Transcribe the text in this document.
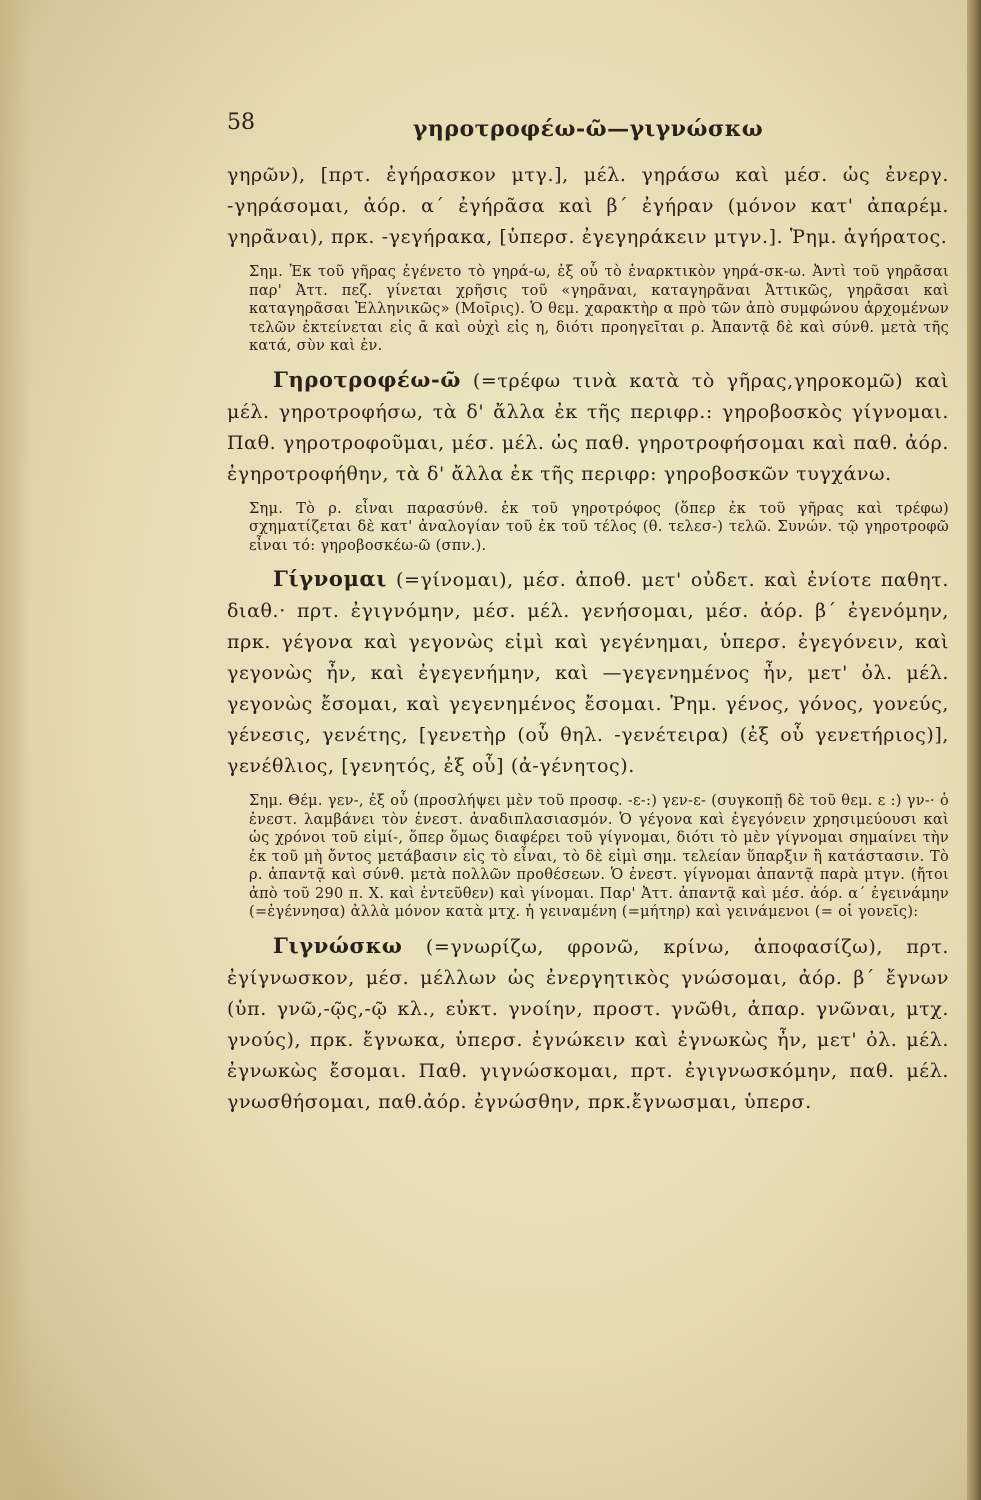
58	γηροτροφέω-ῶ—γιγνώσκω

γηρῶν), [πρτ. ἐγήρασκον μτγ.], μέλ. γηράσω καὶ μέσ. ὡς ἐνεργ. -γηράσομαι, ἀόρ. α΄ ἐγήρᾶσα καὶ β΄ ἐγήραν (μόνον κατ' ἀπαρέμ. γηρᾶναι), πρκ. -γεγήρακα, [ὑπερσ. ἐγεγηράκειν μτγν.]. Ῥημ. ἀγήρατος.

Σημ. Ἐκ τοῦ γῆρας ἐγένετο τὸ γηρά-ω, ἐξ οὗ τὸ ἐναρκτικὸν γηρά-σκ-ω. Ἀντὶ τοῦ γηρᾶσαι παρ' Ἀττ. πεζ. γίνεται χρῆσις τοῦ «γηρᾶναι, καταγηρᾶναι Ἀττικῶς, γηρᾶσαι καὶ καταγηρᾶσαι Ἑλληνικῶς» (Μοῖρις). Ὁ θεμ. χαρακτὴρ α πρὸ τῶν ἀπὸ συμφώνου ἀρχομένων τελῶν ἐκτείνεται εἰς ᾱ καὶ οὐχὶ εἰς η, διότι προηγεῖται ρ. Ἀπαντᾷ δὲ καὶ σύνθ. μετὰ τῆς κατά, σὺν καὶ ἐν.

Γηροτροφέω-ῶ (=τρέφω τινὰ κατὰ τὸ γῆρας,γηροκομῶ) καὶ μέλ. γηροτροφήσω, τὰ δ' ἄλλα ἐκ τῆς περιφρ.: γηροβοσκὸς γίγνομαι. Παθ. γηροτροφοῦμαι, μέσ. μέλ. ὡς παθ. γηροτροφήσομαι καὶ παθ. ἀόρ. ἐγηροτροφήθην, τὰ δ' ἄλλα ἐκ τῆς περιφρ: γηροβοσκῶν τυγχάνω.

Σημ. Τὸ ρ. εἶναι παρασύνθ. ἐκ τοῦ γηροτρόφος (ὅπερ ἐκ τοῦ γῆρας καὶ τρέφω) σχηματίζεται δὲ κατ' ἀναλογίαν τοῦ ἐκ τοῦ τέλος (θ. τελεσ-) τελῶ. Συνών. τῷ γηροτροφῶ εἶναι τό: γηροβοσκέω-ῶ (σπν.).

Γίγνομαι (=γίνομαι), μέσ. ἀποθ. μετ' οὐδετ. καὶ ἐνίοτε παθητ. διαθ.· πρτ. ἐγιγνόμην, μέσ. μέλ. γενήσομαι, μέσ. ἀόρ. β΄ ἐγενόμην, πρκ. γέγονα καὶ γεγονὼς εἰμὶ καὶ γεγένημαι, ὑπερσ. ἐγεγόνειν, καὶ γεγονὼς ἦν, καὶ ἐγεγενήμην, καὶ —γεγενημένος ἦν, μετ' ὀλ. μέλ. γεγονὼς ἔσομαι, καὶ γεγενημένος ἔσομαι. Ῥημ. γένος, γόνος, γονεύς, γένεσις, γενέτης, [γενετὴρ (οὗ θηλ. -γενέτειρα) (ἐξ οὗ γενετήριος)], γενέθλιος, [γενητός, ἐξ οὗ] (ἀ-γένητος).

Σημ. Θέμ. γεν-, ἐξ οὗ (προσλήψει μὲν τοῦ προσφ. -ε-:) γεν-ε- (συγκοπῇ δὲ τοῦ θεμ. ε :) γν-· ὁ ἐνεστ. λαμβάνει τὸν ἐνεστ. ἀναδιπλασιασμόν. Ὁ γέγονα καὶ ἐγεγόνειν χρησιμεύουσι καὶ ὡς χρόνοι τοῦ εἰμί-, ὅπερ ὅμως διαφέρει τοῦ γίγνομαι, διότι τὸ μὲν γίγνομαι σημαίνει τὴν ἐκ τοῦ μὴ ὄντος μετάβασιν εἰς τὸ εἶναι, τὸ δὲ εἰμὶ σημ. τελείαν ὕπαρξιν ἢ κατάστασιν. Τὸ ρ. ἀπαντᾷ καὶ σύνθ. μετὰ πολλῶν προθέσεων. Ὁ ἐνεστ. γίγνομαι ἀπαντᾷ παρὰ μτγν. (ἤτοι ἀπὸ τοῦ 290 π. Χ. καὶ ἐντεῦθεν) καὶ γίνομαι. Παρ' Ἀττ. ἀπαντᾷ καὶ μέσ. ἀόρ. α΄ ἐγεινάμην (=ἐγέννησα) ἀλλὰ μόνον κατὰ μτχ. ἡ γειναμένη (=μήτηρ) καὶ γεινάμενοι (= οἱ γονεῖς):

Γιγνώσκω (=γνωρίζω, φρονῶ, κρίνω, ἀποφασίζω), πρτ. ἐγίγνωσκον, μέσ. μέλλων ὡς ἐνεργητικὸς γνώσομαι, ἀόρ. β΄ ἔγνων (ὑπ. γνῶ,-ῷς,-ῷ κλ., εὐκτ. γνοίην, προστ. γνῶθι, ἀπαρ. γνῶναι, μτχ. γνούς), πρκ. ἔγνωκα, ὑπερσ. ἐγνώκειν καὶ ἐγνωκὼς ἦν, μετ' ὀλ. μέλ. ἐγνωκὼς ἔσομαι. Παθ. γιγνώσκομαι, πρτ. ἐγιγνωσκόμην, παθ. μέλ. γνωσθήσομαι, παθ.ἀόρ. ἐγνώσθην, πρκ.ἔγνωσμαι, ὑπερσ.
